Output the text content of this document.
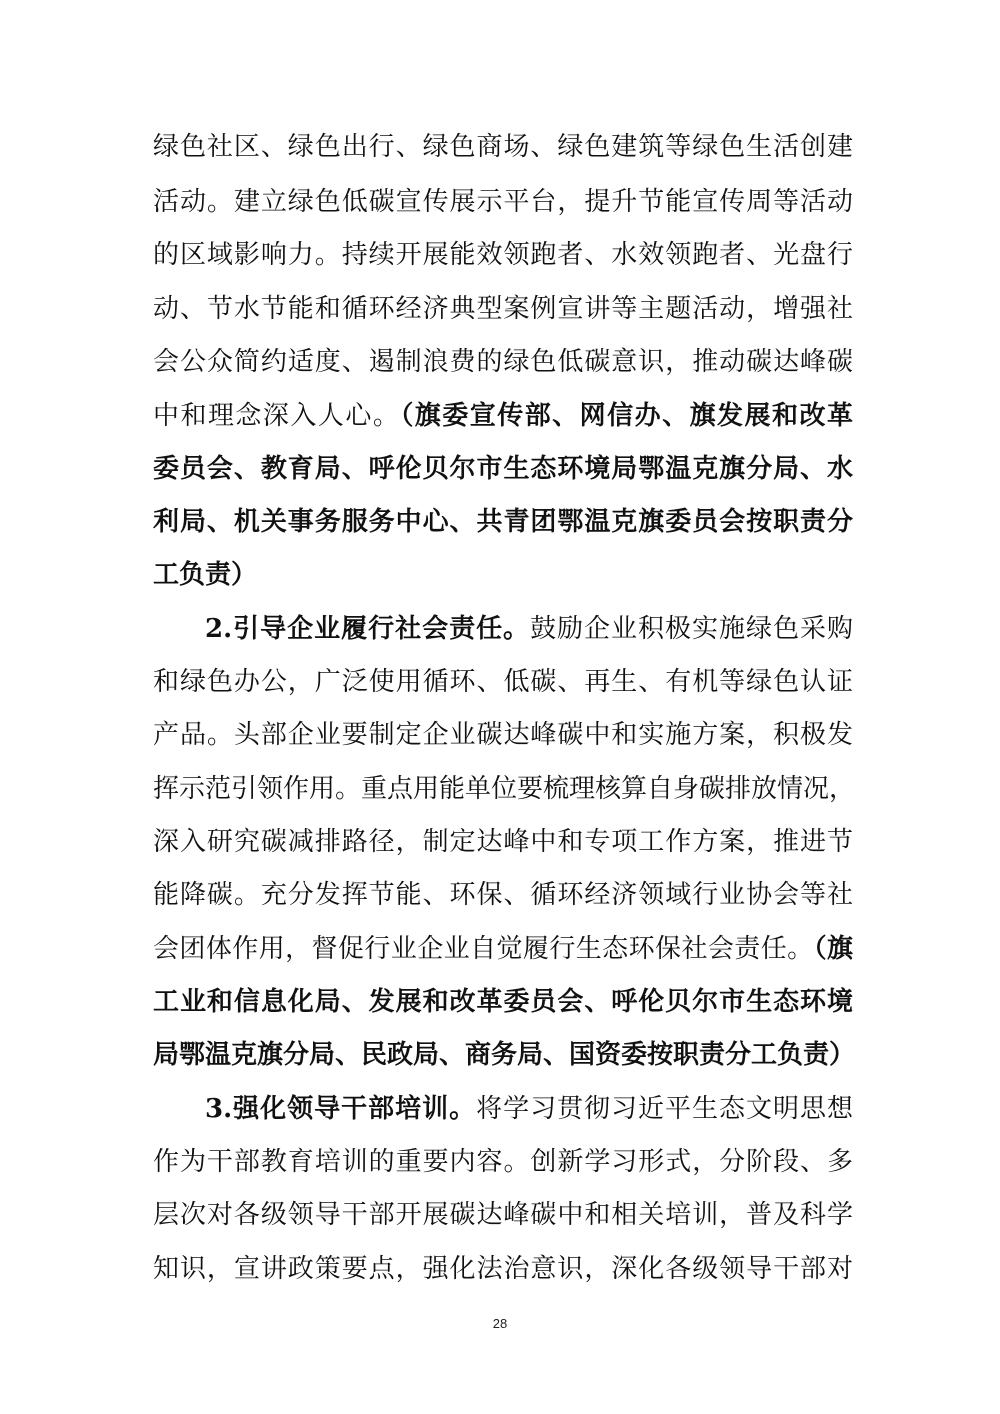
绿色社区、绿色出行、绿色商场、绿色建筑等绿色生活创建
活动。建立绿色低碳宣传展示平台，提升节能宣传周等活动
的区域影响力。持续开展能效领跑者、水效领跑者、光盘行
动、节水节能和循环经济典型案例宣讲等主题活动，增强社
会公众简约适度、遏制浪费的绿色低碳意识，推动碳达峰碳
中和理念深入人心。（旗委宣传部、网信办、旗发展和改革
委员会、教育局、呼伦贝尔市生态环境局鄂温克旗分局、水
利局、机关事务服务中心、共青团鄂温克旗委员会按职责分
工负责）
2.引导企业履行社会责任。鼓励企业积极实施绿色采购
和绿色办公，广泛使用循环、低碳、再生、有机等绿色认证
产品。头部企业要制定企业碳达峰碳中和实施方案，积极发
挥示范引领作用。重点用能单位要梳理核算自身碳排放情况，
深入研究碳减排路径，制定达峰中和专项工作方案，推进节
能降碳。充分发挥节能、环保、循环经济领域行业协会等社
会团体作用，督促行业企业自觉履行生态环保社会责任。（旗
工业和信息化局、发展和改革委员会、呼伦贝尔市生态环境
局鄂温克旗分局、民政局、商务局、国资委按职责分工负责）
3.强化领导干部培训。将学习贯彻习近平生态文明思想
作为干部教育培训的重要内容。创新学习形式，分阶段、多
层次对各级领导干部开展碳达峰碳中和相关培训，普及科学
知识，宣讲政策要点，强化法治意识，深化各级领导干部对
28
